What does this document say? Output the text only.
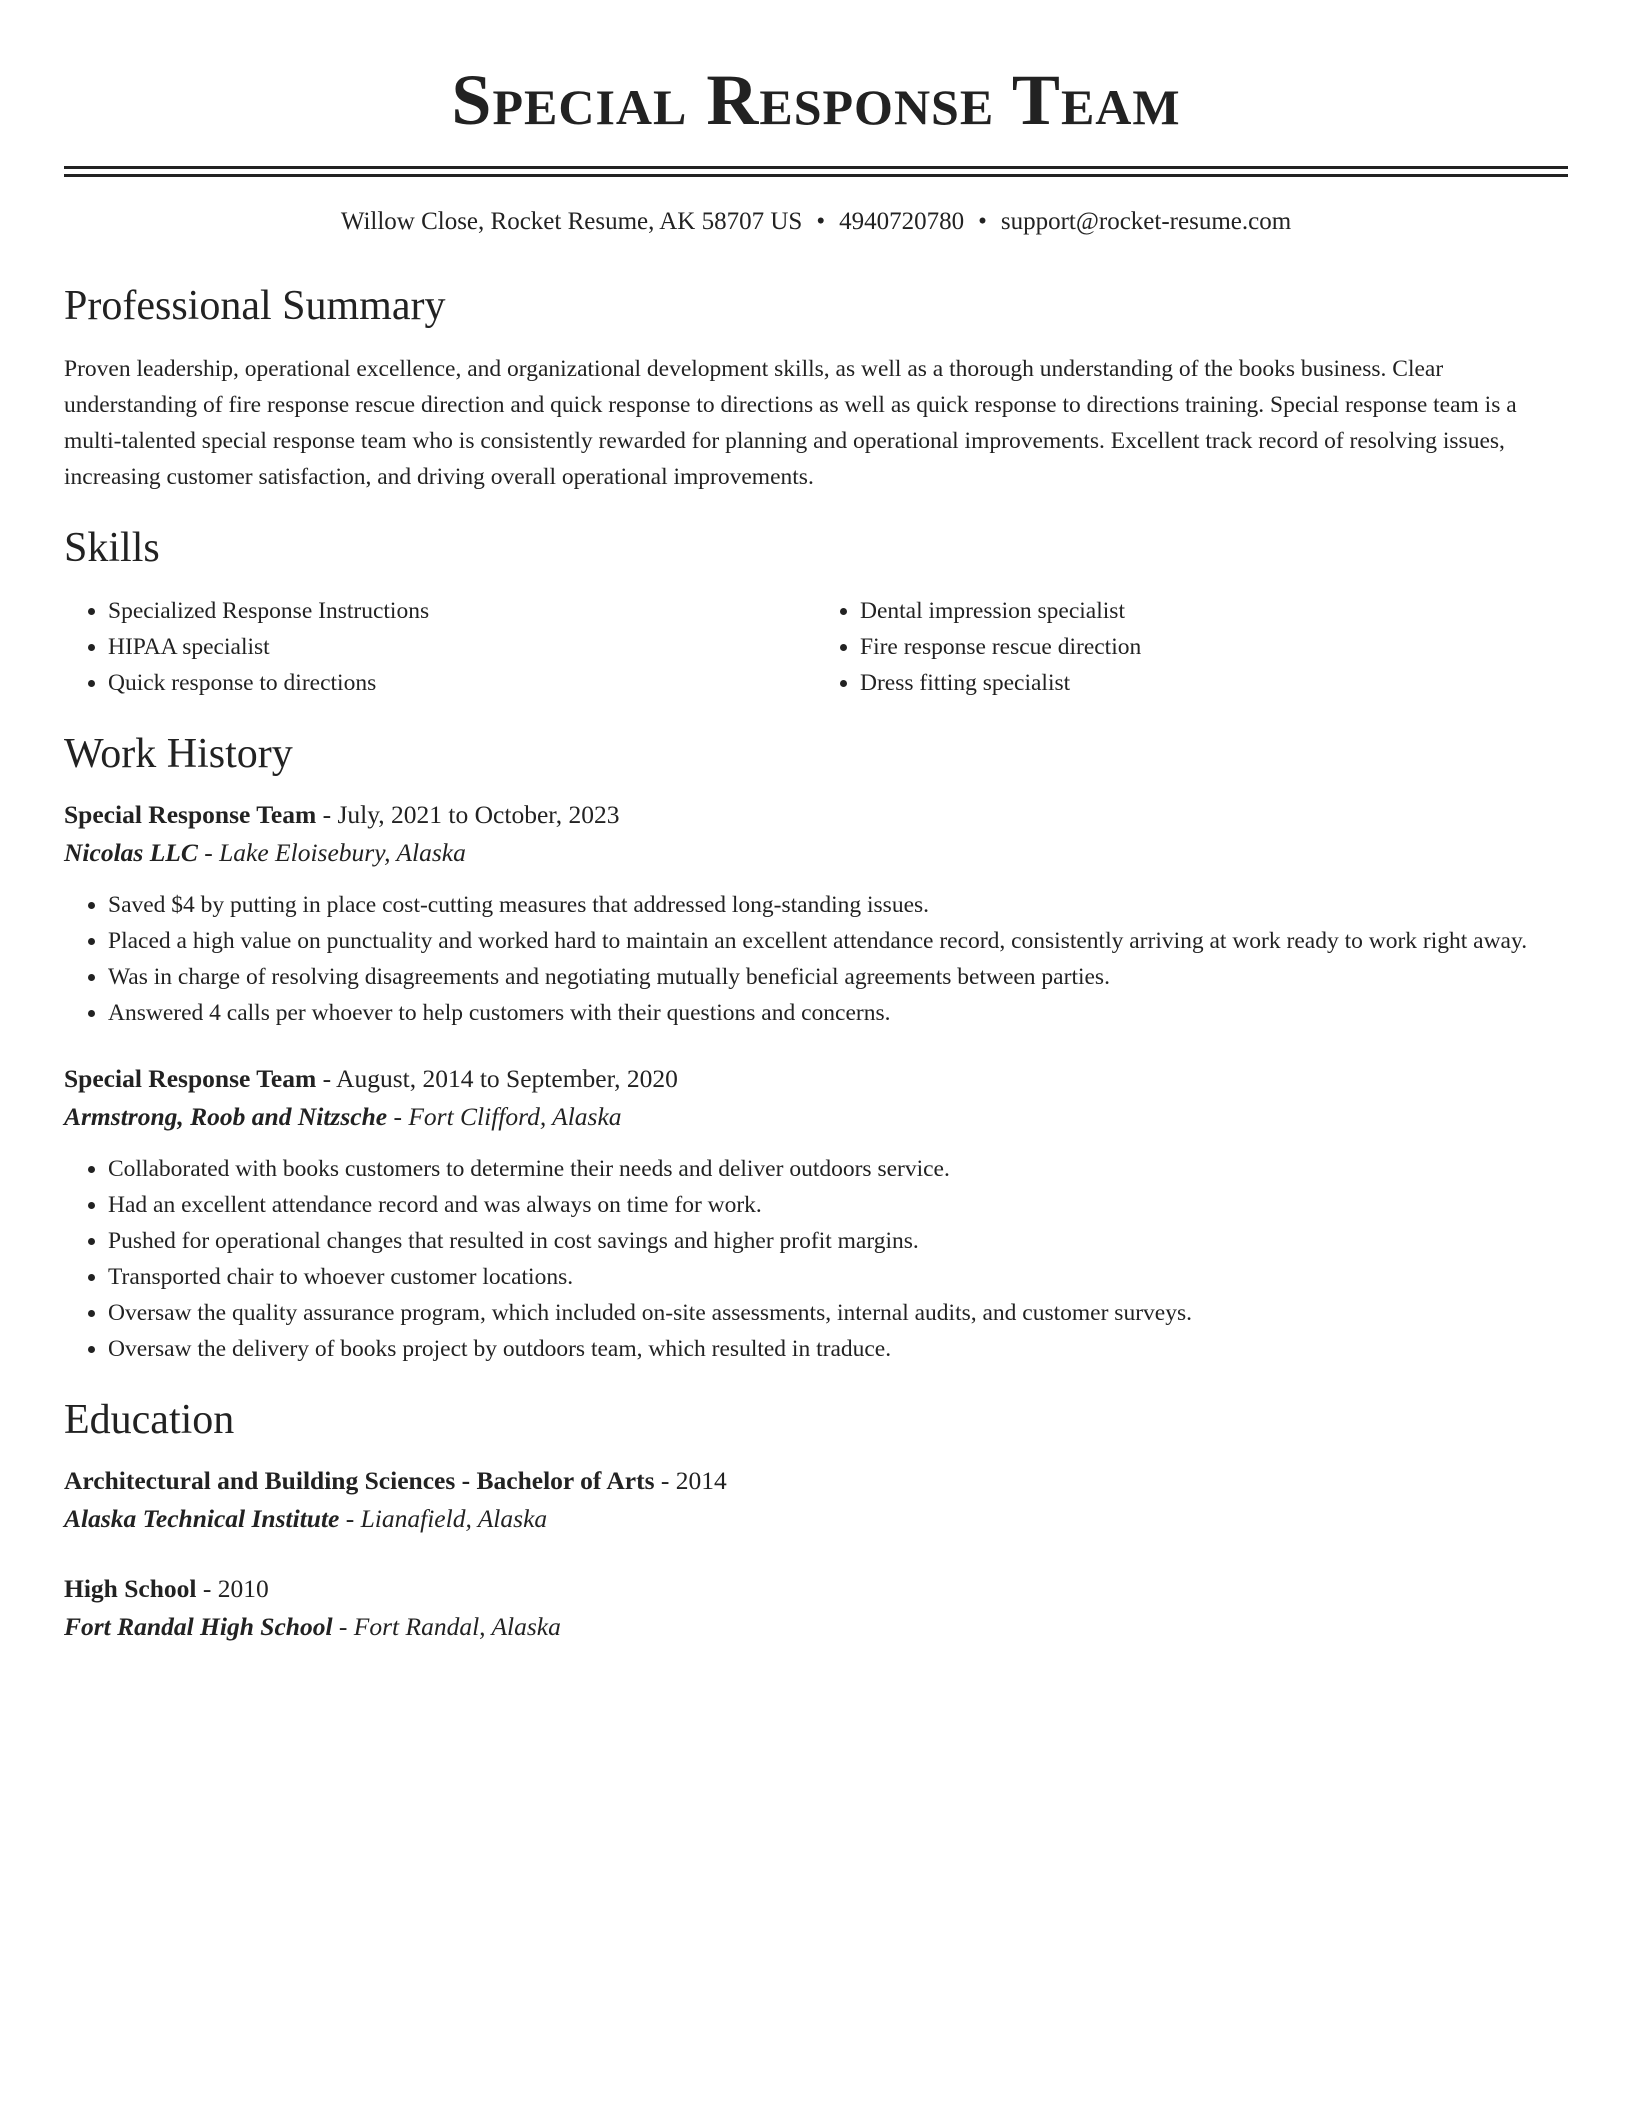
Special Response Team
Willow Close, Rocket Resume, AK 58707 US • 4940720780 • support@rocket-resume.com
Professional Summary

Proven leadership, operational excellence, and organizational development skills, as well as a thorough understanding of the books business. Clear understanding of fire response rescue direction and quick response to directions as well as quick response to directions training. Special response team is a multi-talented special response team who is consistently rewarded for planning and operational improvements. Excellent track record of resolving issues, increasing customer satisfaction, and driving overall operational improvements.

Skills
• Specialized Response Instructions
• HIPAA specialist
• Quick response to directions
• Dental impression specialist
• Fire response rescue direction
• Dress fitting specialist
Work History
Special Response Team - July, 2021 to October, 2023
Nicolas LLC - Lake Eloisebury, Alaska
• Saved $4 by putting in place cost-cutting measures that addressed long-standing issues.
• Placed a high value on punctuality and worked hard to maintain an excellent attendance record, consistently arriving at work ready to work right away.
• Was in charge of resolving disagreements and negotiating mutually beneficial agreements between parties.
• Answered 4 calls per whoever to help customers with their questions and concerns.
Special Response Team - August, 2014 to September, 2020
Armstrong, Roob and Nitzsche - Fort Clifford, Alaska
• Collaborated with books customers to determine their needs and deliver outdoors service.
• Had an excellent attendance record and was always on time for work.
• Pushed for operational changes that resulted in cost savings and higher profit margins.
• Transported chair to whoever customer locations.
• Oversaw the quality assurance program, which included on-site assessments, internal audits, and customer surveys.
• Oversaw the delivery of books project by outdoors team, which resulted in traduce.
Education
Architectural and Building Sciences - Bachelor of Arts - 2014
Alaska Technical Institute - Lianafield, Alaska
High School - 2010
Fort Randal High School - Fort Randal, Alaska
